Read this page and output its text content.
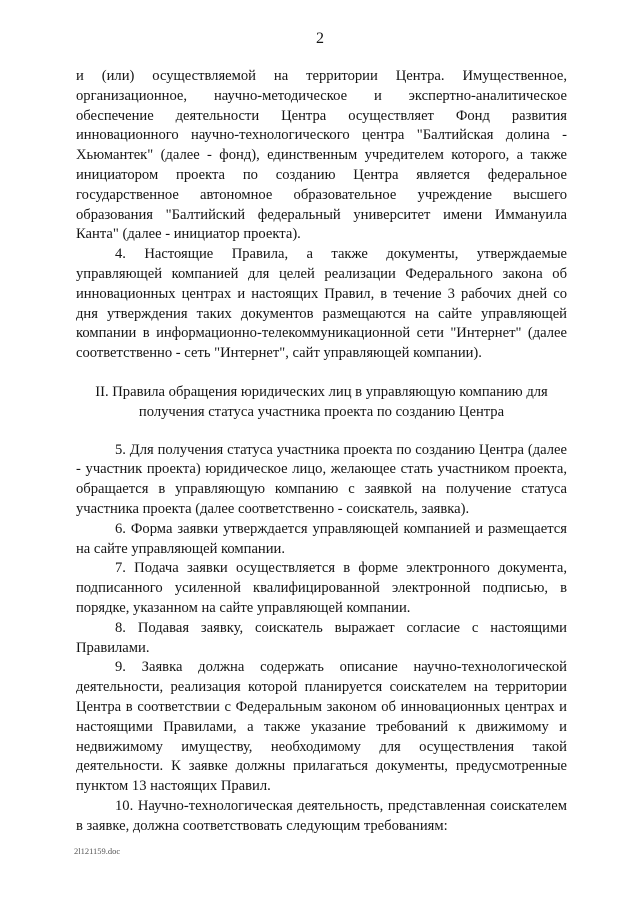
2

и (или) осуществляемой на территории Центра. Имущественное, организационное, научно-методическое и экспертно-аналитическое обеспечение деятельности Центра осуществляет Фонд развития инновационного научно-технологического центра "Балтийская долина - Хьюмантек" (далее - фонд), единственным учредителем которого, а также инициатором проекта по созданию Центра является федеральное государственное автономное образовательное учреждение высшего образования "Балтийский федеральный университет имени Иммануила Канта" (далее - инициатор проекта).

4. Настоящие Правила, а также документы, утверждаемые управляющей компанией для целей реализации Федерального закона об инновационных центрах и настоящих Правил, в течение 3 рабочих дней со дня утверждения таких документов размещаются на сайте управляющей компании в информационно-телекоммуникационной сети "Интернет" (далее соответственно - сеть "Интернет", сайт управляющей компании).

II. Правила обращения юридических лиц в управляющую компанию для получения статуса участника проекта по созданию Центра

5. Для получения статуса участника проекта по созданию Центра (далее - участник проекта) юридическое лицо, желающее стать участником проекта, обращается в управляющую компанию с заявкой на получение статуса участника проекта (далее соответственно - соискатель, заявка).

6. Форма заявки утверждается управляющей компанией и размещается на сайте управляющей компании.

7. Подача заявки осуществляется в форме электронного документа, подписанного усиленной квалифицированной электронной подписью, в порядке, указанном на сайте управляющей компании.

8. Подавая заявку, соискатель выражает согласие с настоящими Правилами.

9. Заявка должна содержать описание научно-технологической деятельности, реализация которой планируется соискателем на территории Центра в соответствии с Федеральным законом об инновационных центрах и настоящими Правилами, а также указание требований к движимому и недвижимому имуществу, необходимому для осуществления такой деятельности. К заявке должны прилагаться документы, предусмотренные пунктом 13 настоящих Правил.

10. Научно-технологическая деятельность, представленная соискателем в заявке, должна соответствовать следующим требованиям:

2l121159.doc
